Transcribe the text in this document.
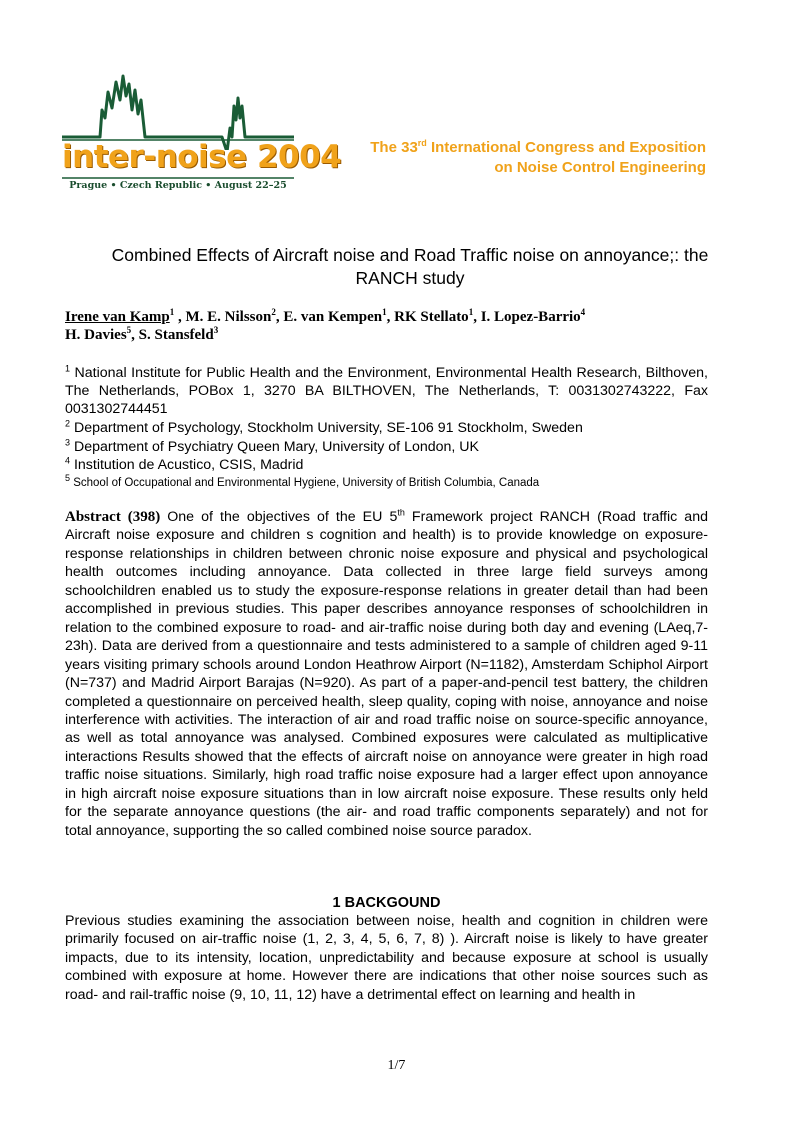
inter-noise 2004
Prague • Czech Republic • August 22–25
The 33rd International Congress and Exposition
on Noise Control Engineering
Combined Effects of Aircraft noise and Road Traffic noise on annoyance;: the
RANCH study
Irene van Kamp$^1$ , M. E. Nilsson$^2$, E. van Kempen$^1$, RK Stellato$^1$, I. Lopez-Barrio$^4$
H. Davies$^5$, S. Stansfeld$^3$
$^1$ National Institute for Public Health and the Environment, Environmental Health Research, Bilthoven, The Netherlands, POBox 1, 3270 BA BILTHOVEN, The Netherlands, T: 0031302743222, Fax 0031302744451
$^2$ Department of Psychology, Stockholm University, SE-106 91 Stockholm, Sweden
$^3$ Department of Psychiatry Queen Mary, University of London, UK
$^4$ Institution de Acustico, CSIS, Madrid
$^5$ School of Occupational and Environmental Hygiene, University of British Columbia, Canada
Abstract (398) One of the objectives of the EU 5th Framework project RANCH (Road traffic and Aircraft noise exposure and children s cognition and health) is to provide knowledge on exposure-response relationships in children between chronic noise exposure and physical and psychological health outcomes including annoyance. Data collected in three large field surveys among schoolchildren enabled us to study the exposure-response relations in greater detail than had been accomplished in previous studies. This paper describes annoyance responses of schoolchildren in relation to the combined exposure to road- and air-traffic noise during both day and evening (LAeq,7-23h). Data are derived from a questionnaire and tests administered to a sample of children aged 9-11 years visiting primary schools around London Heathrow Airport (N=1182), Amsterdam Schiphol Airport (N=737) and Madrid Airport Barajas (N=920). As part of a paper-and-pencil test battery, the children completed a questionnaire on perceived health, sleep quality, coping with noise, annoyance and noise interference with activities. The interaction of air and road traffic noise on source-specific annoyance, as well as total annoyance was analysed. Combined exposures were calculated as multiplicative interactions Results showed that the effects of aircraft noise on annoyance were greater in high road traffic noise situations. Similarly, high road traffic noise exposure had a larger effect upon annoyance in high aircraft noise exposure situations than in low aircraft noise exposure. These results only held for the separate annoyance questions (the air- and road traffic components separately) and not for total annoyance, supporting the so called combined noise source paradox.
1 BACKGOUND
Previous studies examining the association between noise, health and cognition in children were primarily focused on air-traffic noise (1, 2, 3, 4, 5, 6, 7, 8) ). Aircraft noise is likely to have greater impacts, due to its intensity, location, unpredictability and because exposure at school is usually combined with exposure at home. However there are indications that other noise sources such as road- and rail-traffic noise (9, 10, 11, 12) have a detrimental effect on learning and health in
1/7
